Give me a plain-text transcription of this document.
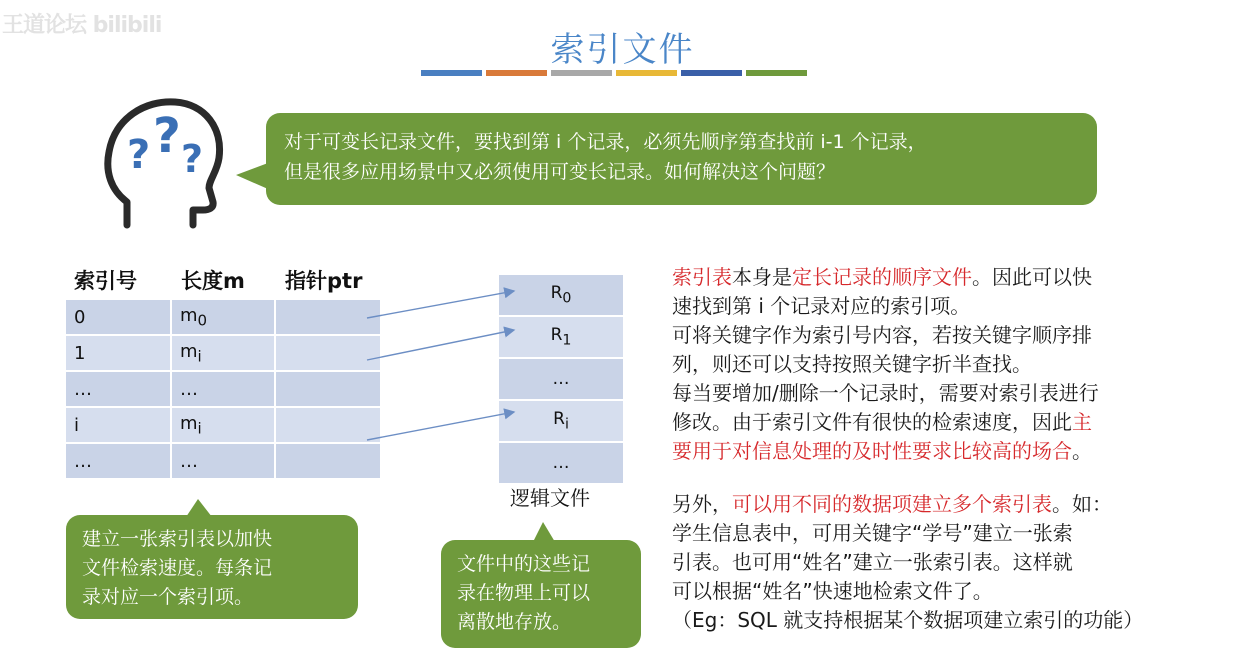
王道论坛 bilibili
索引文件
? ? ?	对于可变长记录文件，要找到第 i 个记录，必须先顺序第查找前 i-1 个记录，
但是很多应用场景中又必须使用可变长记录。如何解决这个问题？
索引号 长度m 指针ptr
0	$m_0$	
1	$m_i$	
…	…	
i	$m_i$	
…	…	
$R_0$
$R_1$
…
$R_i$
…
逻辑文件
建立一张索引表以加快
文件检索速度。每条记
录对应一个索引项。
文件中的这些记
录在物理上可以
离散地存放。

索引表本身是定长记录的顺序文件。因此可以快

速找到第 i 个记录对应的索引项。

可将关键字作为索引号内容，若按关键字顺序排

列，则还可以支持按照关键字折半查找。

每当要增加/删除一个记录时，需要对索引表进行

修改。由于索引文件有很快的检索速度，因此主

要用于对信息处理的及时性要求比较高的场合。

另外，可以用不同的数据项建立多个索引表。如：

学生信息表中，可用关键字“学号”建立一张索

引表。也可用“姓名”建立一张索引表。这样就

可以根据“姓名”快速地检索文件了。

（Eg：SQL 就支持根据某个数据项建立索引的功能）
